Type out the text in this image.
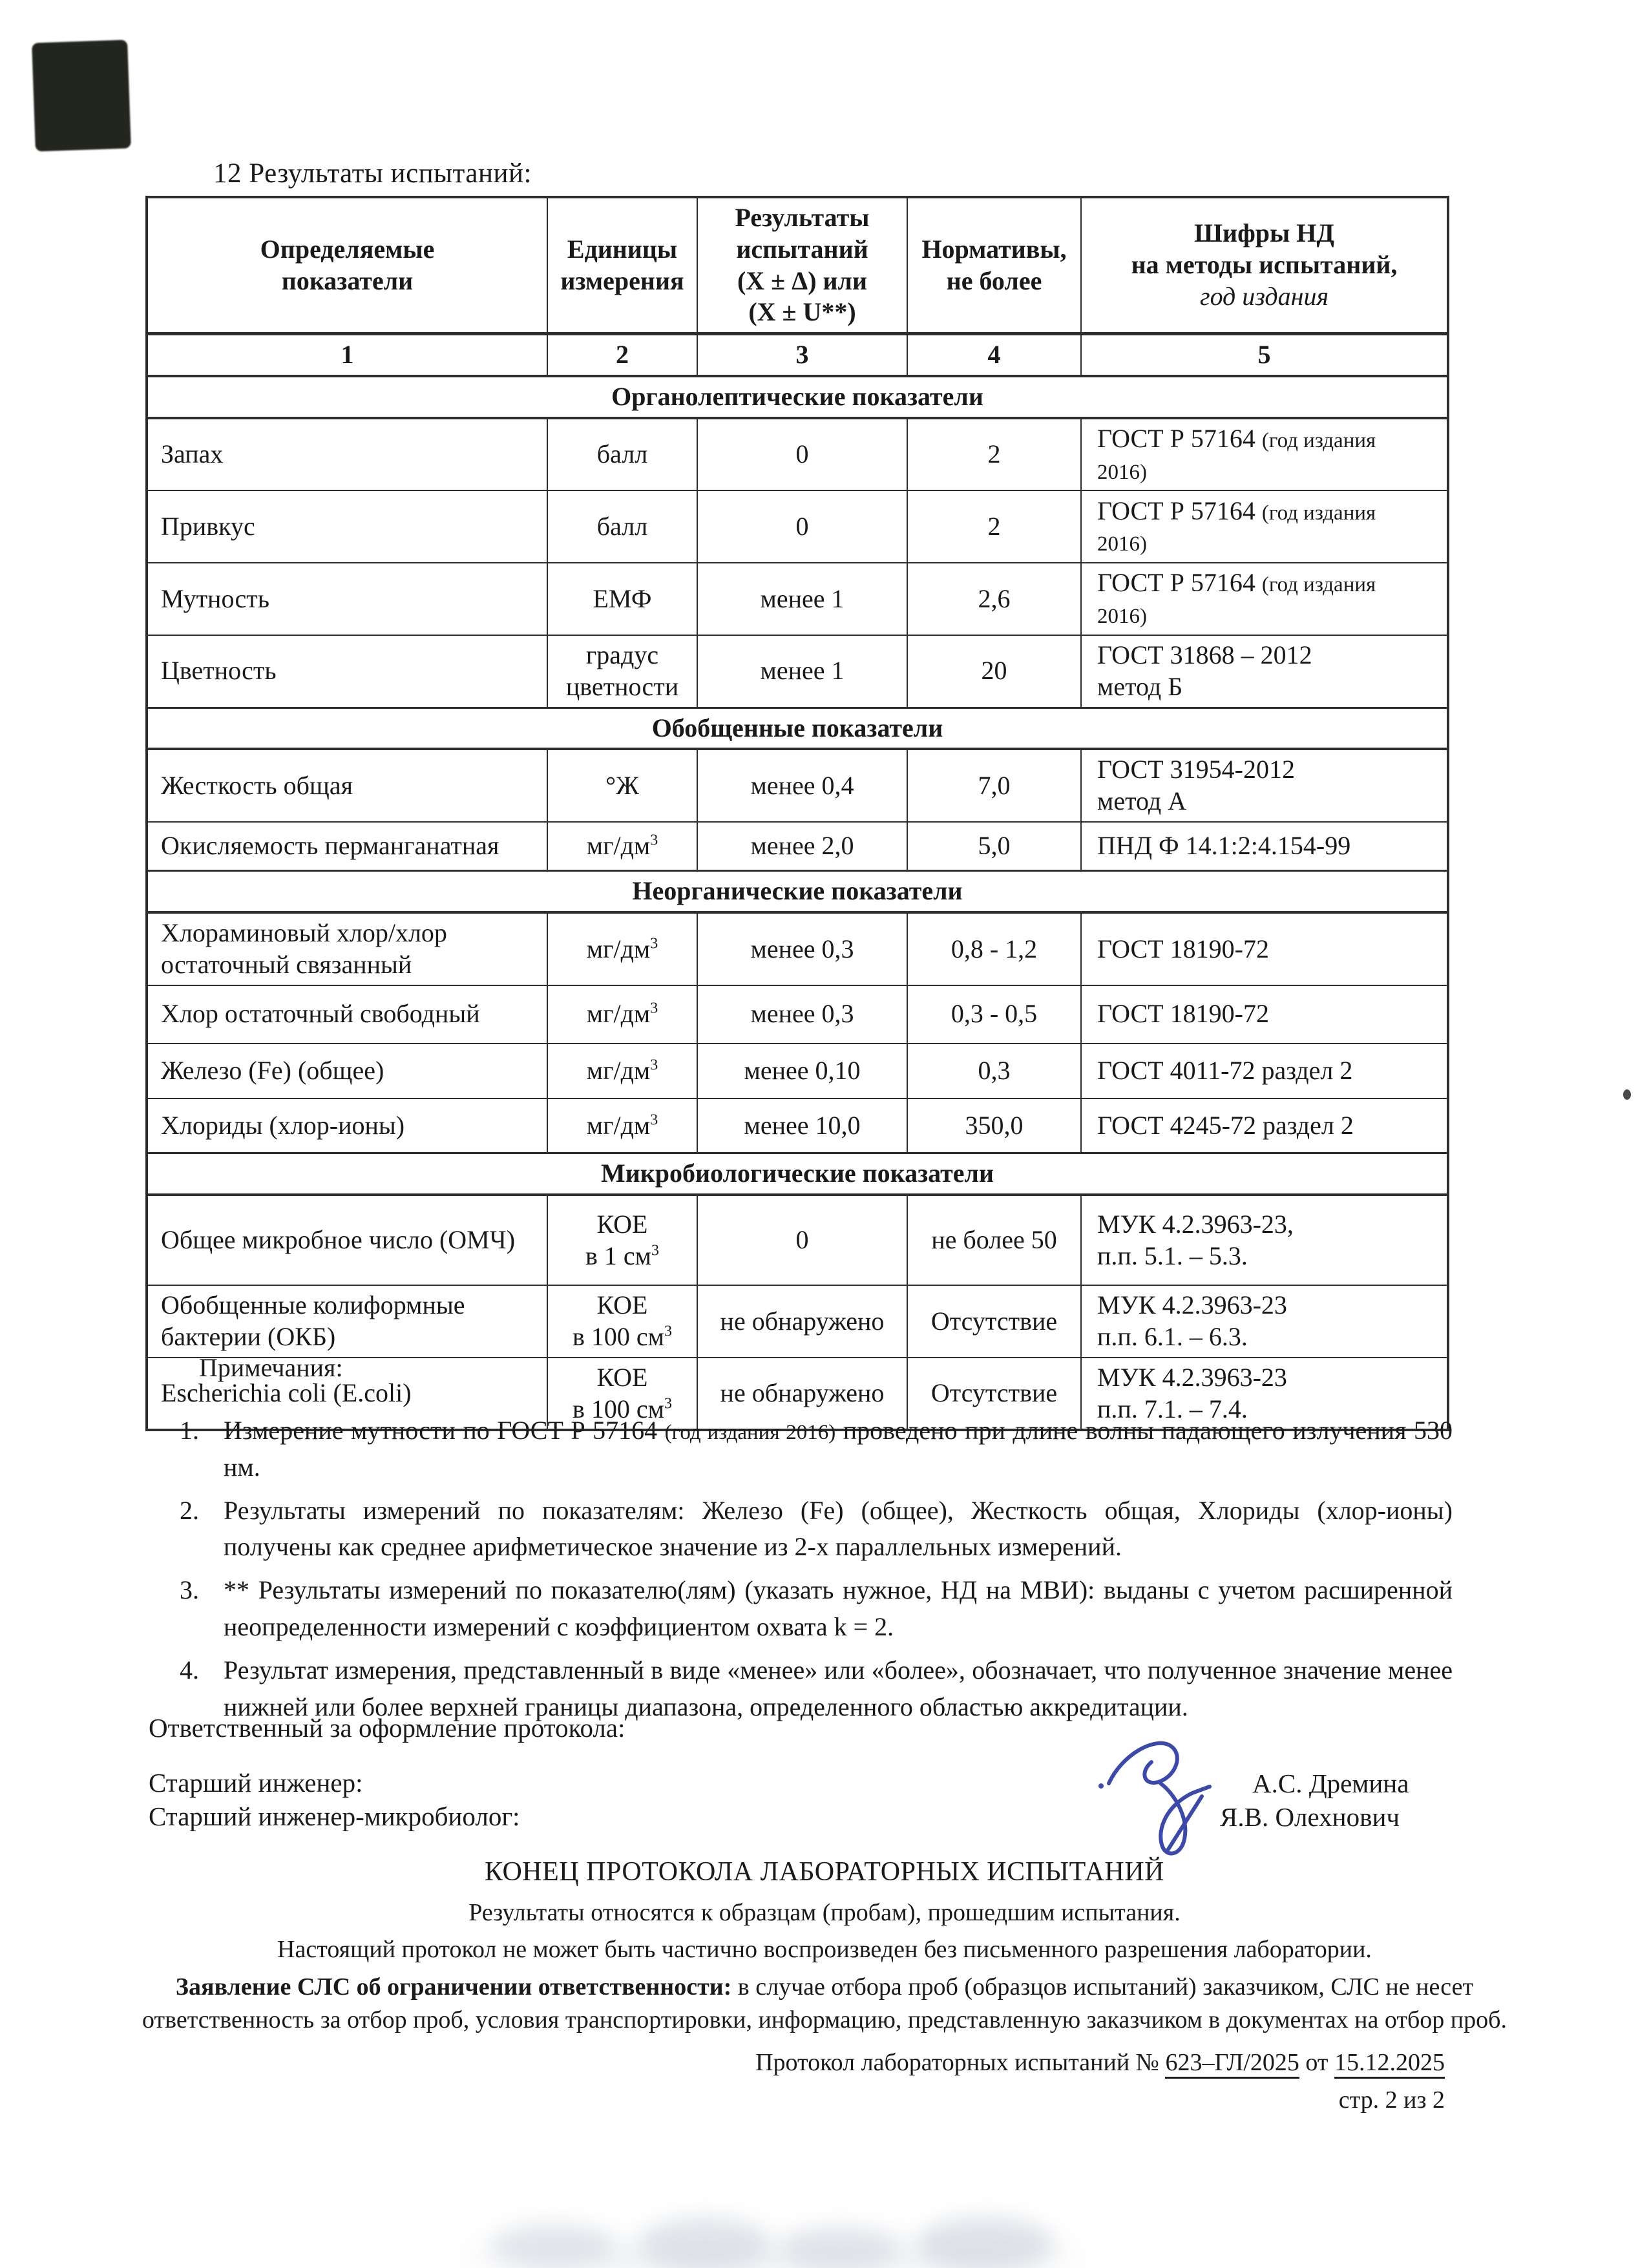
12 Результаты испытаний:
Определяемые
показатели	Единицы
измерения	Результаты
испытаний
(X ± Δ) или
(X ± U**)	Нормативы,
не более	Шифры НД
на методы испытаний,
год издания
1	2	3	4	5
Органолептические показатели				
Запах	балл	0	2	ГОСТ Р 57164 (год издания
2016)
Привкус	балл	0	2	ГОСТ Р 57164 (год издания
2016)
Мутность	ЕМФ	менее 1	2,6	ГОСТ Р 57164 (год издания
2016)
Цветность	градус
цветности	менее 1	20	ГОСТ 31868 – 2012
метод Б
Обобщенные показатели				
Жесткость общая	°Ж	менее 0,4	7,0	ГОСТ 31954-2012
метод А
Окисляемость перманганатная	$мг/дм^3$	менее 2,0	5,0	ПНД Ф 14.1:2:4.154-99
Неорганические показатели				
Хлораминовый хлор/хлор остаточный связанный	$мг/дм^3$	менее 0,3	0,8 - 1,2	ГОСТ 18190-72
Хлор остаточный свободный	$мг/дм^3$	менее 0,3	0,3 - 0,5	ГОСТ 18190-72
Железо (Fe) (общее)	$мг/дм^3$	менее 0,10	0,3	ГОСТ 4011-72 раздел 2
Хлориды (хлор-ионы)	$мг/дм^3$	менее 10,0	350,0	ГОСТ 4245-72 раздел 2
Микробиологические показатели				
Общее микробное число (ОМЧ)	КОЕ
в 1 $см^3$	0	не более 50	МУК 4.2.3963-23,
п.п. 5.1. – 5.3.
Обобщенные колиформные бактерии (ОКБ)	КОЕ
в 100 $см^3$	не обнаружено	Отсутствие	МУК 4.2.3963-23
п.п. 6.1. – 6.3.
Escherichia coli (E.coli)	КОЕ
в 100 $см^3$	не обнаружено	Отсутствие	МУК 4.2.3963-23
п.п. 7.1. – 7.4.
Примечания:
1. Измерение мутности по ГОСТ Р 57164 (год издания 2016) проведено при длине волны падающего излучения 530 нм.
2. Результаты измерений по показателям: Железо (Fe) (общее), Жесткость общая, Хлориды (хлор-ионы) получены как среднее арифметическое значение из 2-х параллельных измерений.
3. ** Результаты измерений по показателю(лям) (указать нужное, НД на МВИ): выданы с учетом расширенной неопределенности измерений с коэффициентом охвата k = 2.
4. Результат измерения, представленный в виде «менее» или «более», обозначает, что полученное значение менее нижней или более верхней границы диапазона, определенного областью аккредитации.
Ответственный за оформление протокола:
Старший инженер:
Старший инженер-микробиолог:
А.С. Дремина
Я.В. Олехнович
КОНЕЦ ПРОТОКОЛА ЛАБОРАТОРНЫХ ИСПЫТАНИЙ
Результаты относятся к образцам (пробам), прошедшим испытания.
Настоящий протокол не может быть частично воспроизведен без письменного разрешения лаборатории.
Заявление СЛС об ограничении ответственности: в случае отбора проб (образцов испытаний) заказчиком, СЛС не несет ответственность за отбор проб, условия транспортировки, информацию, представленную заказчиком в документах на отбор проб.
Протокол лабораторных испытаний № 623–ГЛ/2025 от 15.12.2025
стр. 2 из 2
